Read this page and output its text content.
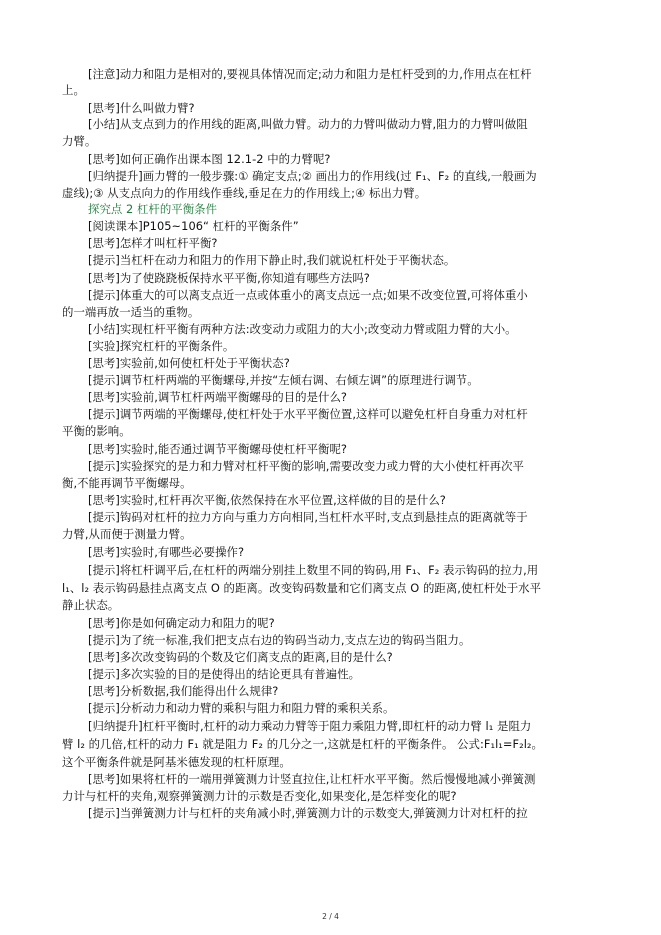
[注意]动力和阻力是相对的,要视具体情况而定;动力和阻力是杠杆受到的力,作用点在杠杆
上。
[思考]什么叫做力臂?
[小结]从支点到力的作用线的距离,叫做力臂。动力的力臂叫做动力臂,阻力的力臂叫做阻
力臂。
[思考]如何正确作出课本图 12.1-2 中的力臂呢?
[归纳提升]画力臂的一般步骤:① 确定支点;② 画出力的作用线(过 F₁、F₂ 的直线,一般画为
虚线);③ 从支点向力的作用线作垂线,垂足在力的作用线上;④ 标出力臂。
探究点 2 杠杆的平衡条件
[阅读课本]P105~106“ 杠杆的平衡条件”
[思考]怎样才叫杠杆平衡?
[提示]当杠杆在动力和阻力的作用下静止时,我们就说杠杆处于平衡状态。
[思考]为了使跷跷板保持水平平衡,你知道有哪些方法吗?
[提示]体重大的可以离支点近一点或体重小的离支点远一点;如果不改变位置,可将体重小
的一端再放一适当的重物。
[小结]实现杠杆平衡有两种方法:改变动力或阻力的大小;改变动力臂或阻力臂的大小。
[实验]探究杠杆的平衡条件。
[思考]实验前,如何使杠杆处于平衡状态?
[提示]调节杠杆两端的平衡螺母,并按“左倾右调、右倾左调”的原理进行调节。
[思考]实验前,调节杠杆两端平衡螺母的目的是什么?
[提示]调节两端的平衡螺母,使杠杆处于水平平衡位置,这样可以避免杠杆自身重力对杠杆
平衡的影响。
[思考]实验时,能否通过调节平衡螺母使杠杆平衡呢?
[提示]实验探究的是力和力臂对杠杆平衡的影响,需要改变力或力臂的大小使杠杆再次平
衡,不能再调节平衡螺母。
[思考]实验时,杠杆再次平衡,依然保持在水平位置,这样做的目的是什么?
[提示]钩码对杠杆的拉力方向与重力方向相同,当杠杆水平时,支点到悬挂点的距离就等于
力臂,从而便于测量力臂。
[思考]实验时,有哪些必要操作?
[提示]将杠杆调平后,在杠杆的两端分别挂上数里不同的钩码,用 F₁、F₂ 表示钩码的拉力,用
l₁、l₂ 表示钩码悬挂点离支点 O 的距离。改变钩码数量和它们离支点 O 的距离,使杠杆处于水平
静止状态。
[思考]你是如何确定动力和阻力的呢?
[提示]为了统一标准,我们把支点右边的钩码当动力,支点左边的钩码当阻力。
[思考]多次改变钩码的个数及它们离支点的距离,目的是什么?
[提示]多次实验的目的是使得出的结论更具有普遍性。
[思考]分析数据,我们能得出什么规律?
[提示]分析动力和动力臂的乘积与阻力和阻力臂的乘积关系。
[归纳提升]杠杆平衡时,杠杆的动力乘动力臂等于阻力乘阻力臂,即杠杆的动力臂 l₁ 是阻力
臂 l₂ 的几倍,杠杆的动力 F₁ 就是阻力 F₂ 的几分之一,这就是杠杆的平衡条件。 公式:F₁l₁=F₂l₂。
这个平衡条件就是阿基米德发现的杠杆原理。
[思考]如果将杠杆的一端用弹簧测力计竖直拉住,让杠杆水平平衡。然后慢慢地减小弹簧测
力计与杠杆的夹角,观察弹簧测力计的示数是否变化,如果变化,是怎样变化的呢?
[提示]当弹簧测力计与杠杆的夹角减小时,弹簧测力计的示数变大,弹簧测力计对杠杆的拉
2 / 4
